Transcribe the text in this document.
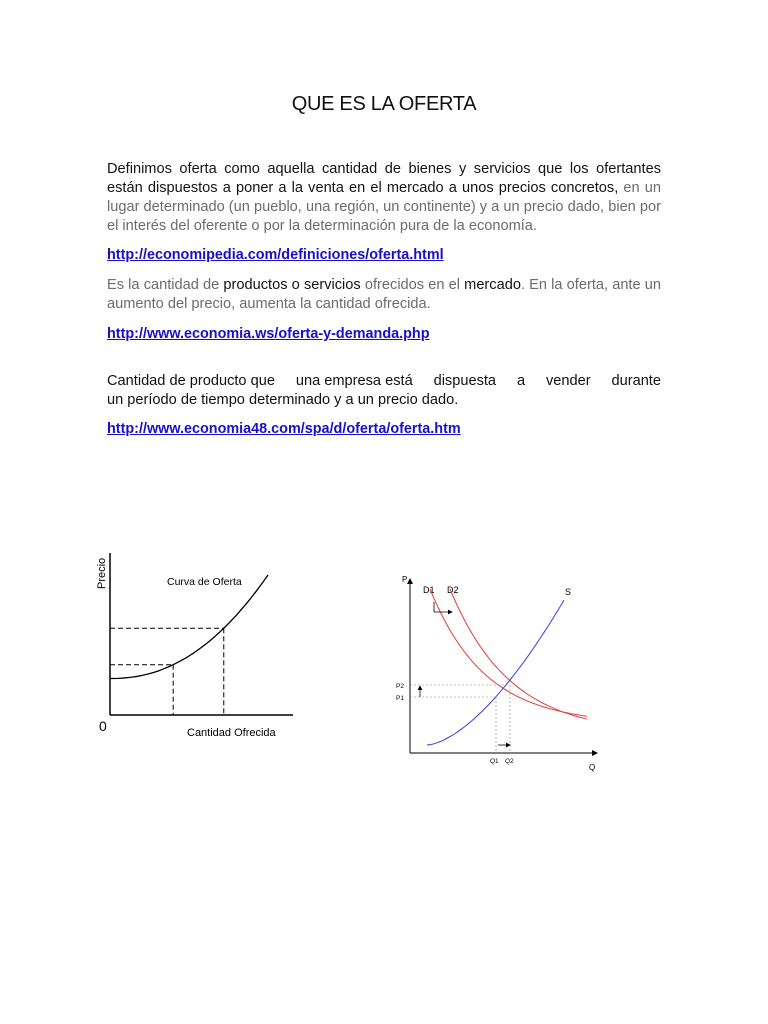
QUE ES LA OFERTA

Definimos oferta como aquella cantidad de bienes y servicios que los ofertantes están dispuestos a poner a la venta en el mercado a unos precios concretos, en un lugar determinado (un pueblo, una región, un continente) y a un precio dado, bien por el interés del oferente o por la determinación pura de la economía.

http://economipedia.com/definiciones/oferta.html

Es la cantidad de productos o servicios ofrecidos en el mercado. En la oferta, ante un aumento del precio, aumenta la cantidad ofrecida.

http://www.economia.ws/oferta-y-demanda.php
Cantidad de producto que una empresa está dispuesta a vender durante
un período de tiempo determinado y a un precio dado.
http://www.economia48.com/spa/d/oferta/oferta.htm
Precio
0	Cantidad Ofrecida
Curva de Oferta	P
Q
D1 D2	S
P2
P1
Q1 Q2
